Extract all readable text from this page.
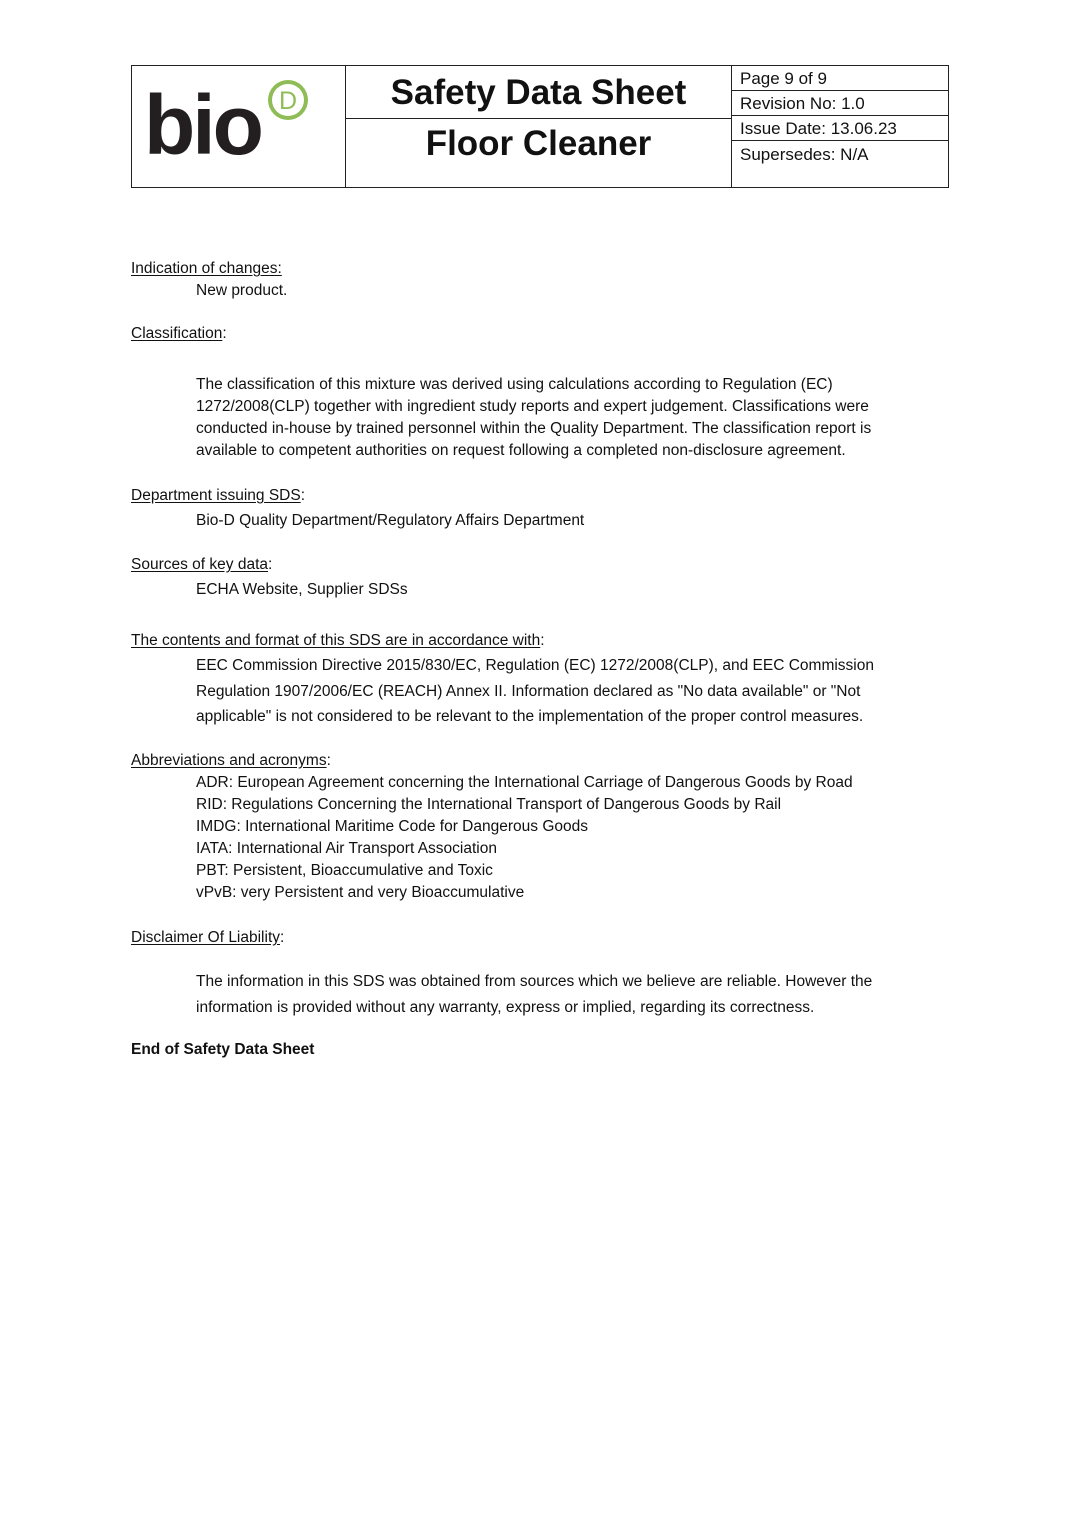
bio D	Safety Data Sheet
Floor Cleaner
Page 9 of 9
Revision No: 1.0
Issue Date: 13.06.23
Supersedes: N/A
Indication of changes:
New product.
Classification:
The classification of this mixture was derived using calculations according to Regulation (EC)
1272/2008(CLP) together with ingredient study reports and expert judgement. Classifications were
conducted in-house by trained personnel within the Quality Department. The classification report is
available to competent authorities on request following a completed non-disclosure agreement.
Department issuing SDS:
Bio-D Quality Department/Regulatory Affairs Department
Sources of key data:
ECHA Website, Supplier SDSs
The contents and format of this SDS are in accordance with:
EEC Commission Directive 2015/830/EC, Regulation (EC) 1272/2008(CLP), and EEC Commission
Regulation 1907/2006/EC (REACH) Annex II. Information declared as "No data available" or "Not
applicable" is not considered to be relevant to the implementation of the proper control measures.
Abbreviations and acronyms:
ADR: European Agreement concerning the International Carriage of Dangerous Goods by Road
RID: Regulations Concerning the International Transport of Dangerous Goods by Rail
IMDG: International Maritime Code for Dangerous Goods
IATA: International Air Transport Association
PBT: Persistent, Bioaccumulative and Toxic
vPvB: very Persistent and very Bioaccumulative
Disclaimer Of Liability:
The information in this SDS was obtained from sources which we believe are reliable. However the
information is provided without any warranty, express or implied, regarding its correctness.
End of Safety Data Sheet
